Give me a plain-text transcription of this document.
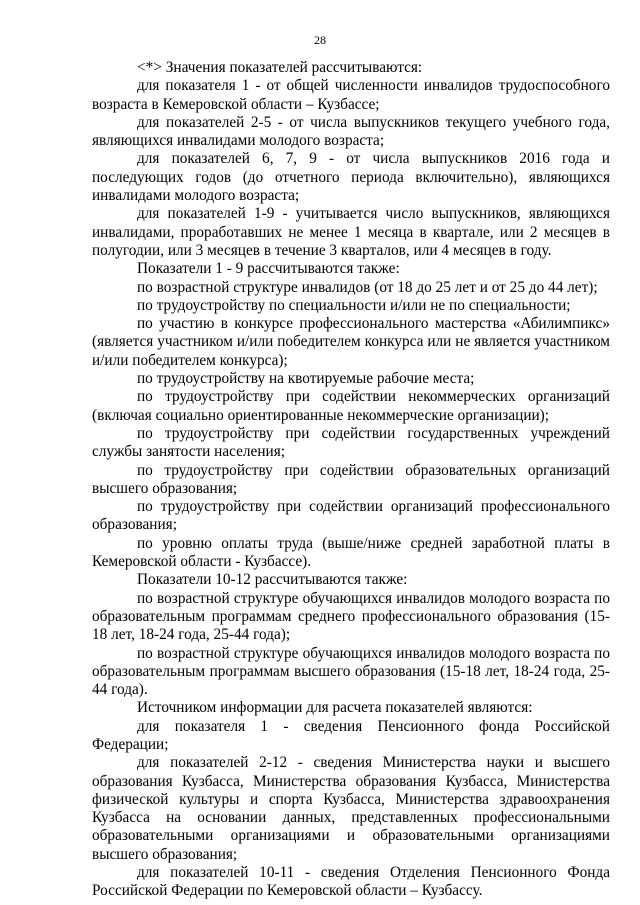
28

<*> Значения показателей рассчитываются:

для показателя 1 - от общей численности инвалидов трудоспособного возраста в Кемеровской области – Кузбассе;

для показателей 2-5 - от числа выпускников текущего учебного года, являющихся инвалидами молодого возраста;

для показателей 6, 7, 9 - от числа выпускников 2016 года и последующих годов (до отчетного периода включительно), являющихся инвалидами молодого возраста;

для показателей 1-9 - учитывается число выпускников, являющихся инвалидами, проработавших не менее 1 месяца в квартале, или 2 месяцев в полугодии, или 3 месяцев в течение 3 кварталов, или 4 месяцев в году.

Показатели 1 - 9 рассчитываются также:

по возрастной структуре инвалидов (от 18 до 25 лет и от 25 до 44 лет);

по трудоустройству по специальности и/или не по специальности;

по участию в конкурсе профессионального мастерства «Абилимпикс» (является участником и/или победителем конкурса или не является участником и/или победителем конкурса);

по трудоустройству на квотируемые рабочие места;

по трудоустройству при содействии некоммерческих организаций (включая социально ориентированные некоммерческие организации);

по трудоустройству при содействии государственных учреждений службы занятости населения;

по трудоустройству при содействии образовательных организаций высшего образования;

по трудоустройству при содействии организаций профессионального образования;

по уровню оплаты труда (выше/ниже средней заработной платы в Кемеровской области - Кузбассе).

Показатели 10-12 рассчитываются также:

по возрастной структуре обучающихся инвалидов молодого возраста по образовательным программам среднего профессионального образования (15-18 лет, 18-24 года, 25-44 года);

по возрастной структуре обучающихся инвалидов молодого возраста по образовательным программам высшего образования (15-18 лет, 18-24 года, 25-44 года).

Источником информации для расчета показателей являются:

для показателя 1 - сведения Пенсионного фонда Российской Федерации;

для показателей 2-12 - сведения Министерства науки и высшего образования Кузбасса, Министерства образования Кузбасса, Министерства физической культуры и спорта Кузбасса, Министерства здравоохранения Кузбасса на основании данных, представленных профессиональными образовательными организациями и образовательными организациями высшего образования;

для показателей 10-11 - сведения Отделения Пенсионного Фонда Российской Федерации по Кемеровской области – Кузбассу.
